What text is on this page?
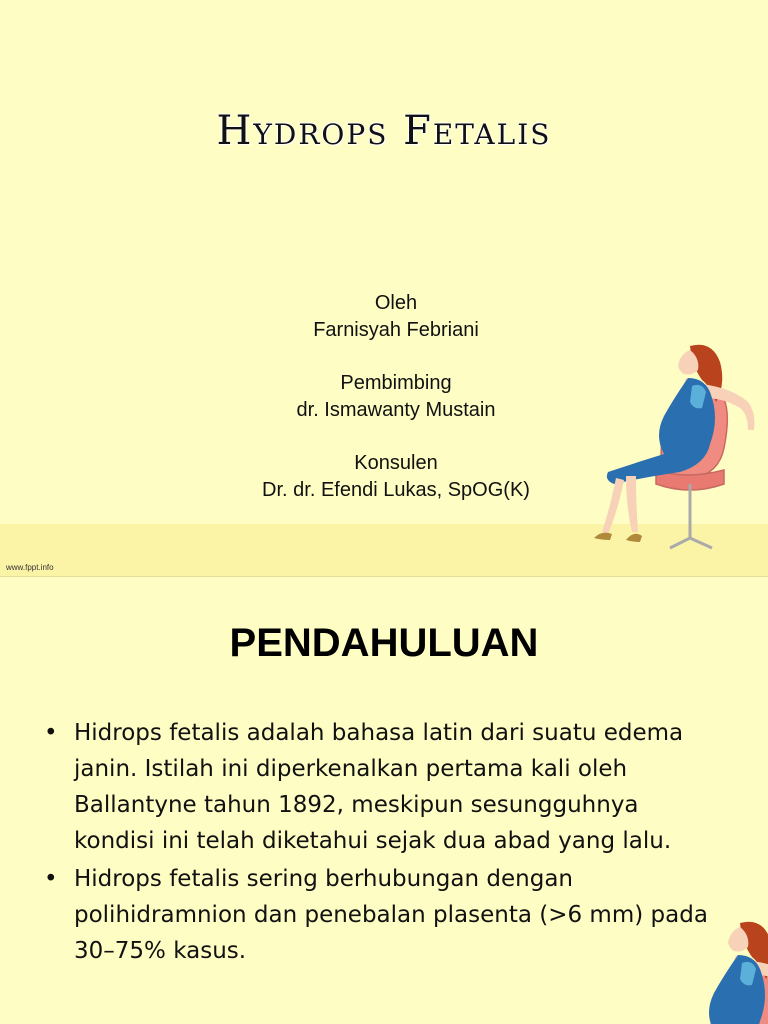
Hydrops Fetalis
Oleh
Farnisyah Febriani
Pembimbing
dr. Ismawanty Mustain
Konsulen
Dr. dr. Efendi Lukas, SpOG(K)
www.fppt.info
PENDAHULUAN
• Hidrops fetalis adalah bahasa latin dari suatu edema janin. Istilah ini diperkenalkan pertama kali oleh Ballantyne tahun 1892, meskipun sesungguhnya kondisi ini telah diketahui sejak dua abad yang lalu.
• Hidrops fetalis sering berhubungan dengan polihidramnion dan penebalan plasenta (>6 mm) pada 30–75% kasus.
